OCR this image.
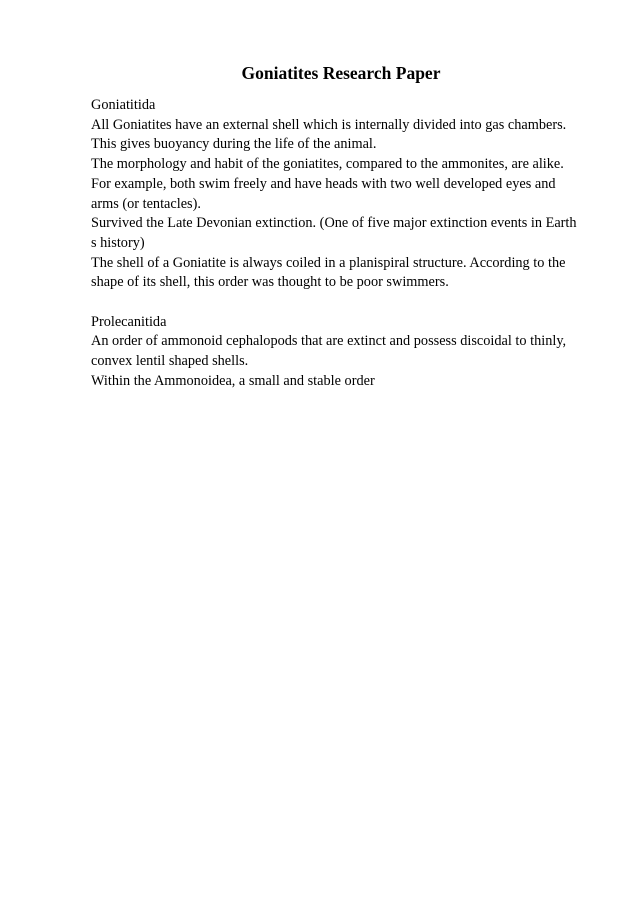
Goniatites Research Paper
Goniatitida
All Goniatites have an external shell which is internally divided into gas chambers.
This gives buoyancy during the life of the animal.
The morphology and habit of the goniatites, compared to the ammonites, are alike.
For example, both swim freely and have heads with two well developed eyes and
arms (or tentacles).
Survived the Late Devonian extinction. (One of five major extinction events in Earth
s history)
The shell of a Goniatite is always coiled in a planispiral structure. According to the
shape of its shell, this order was thought to be poor swimmers.
Prolecanitida
An order of ammonoid cephalopods that are extinct and possess discoidal to thinly,
convex lentil shaped shells.
Within the Ammonoidea, a small and stable order
